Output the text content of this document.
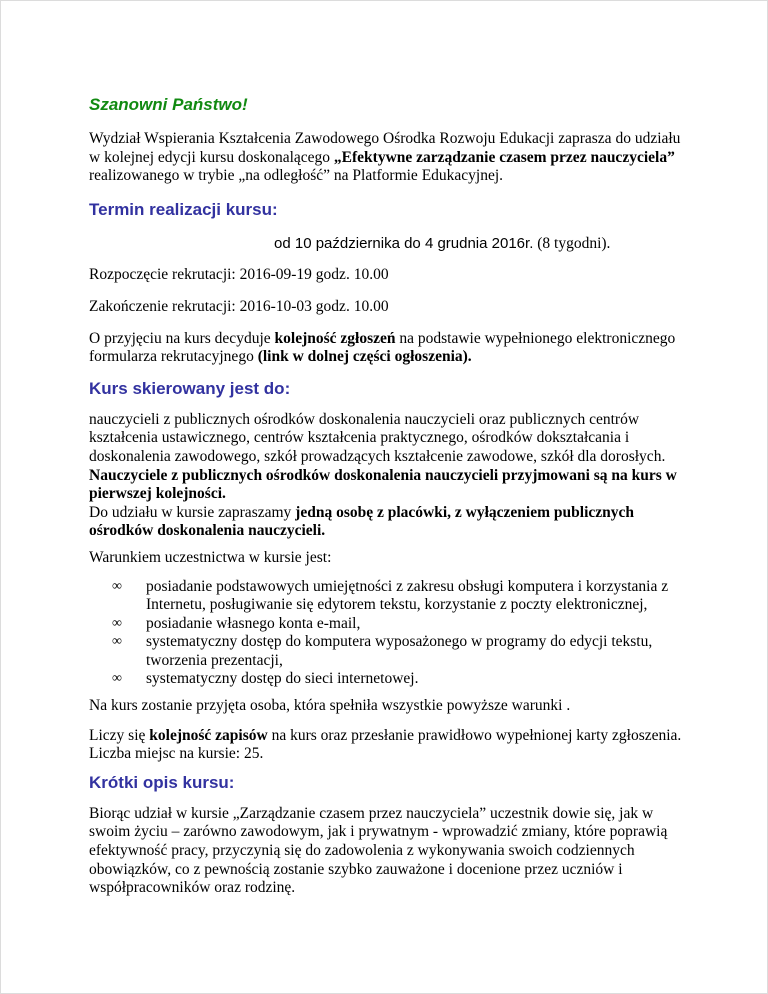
Szanowni Państwo!

Wydział Wspierania Kształcenia Zawodowego Ośrodka Rozwoju Edukacji zaprasza do udziału w kolejnej edycji kursu doskonalącego „Efektywne zarządzanie czasem przez nauczyciela” realizowanego w trybie „na odległość” na Platformie Edukacyjnej.

Termin realizacji kursu:

od 10 października do 4 grudnia 2016r. (8 tygodni).

Rozpoczęcie rekrutacji: 2016-09-19 godz. 10.00

Zakończenie rekrutacji: 2016-10-03 godz. 10.00

O przyjęciu na kurs decyduje kolejność zgłoszeń na podstawie wypełnionego elektronicznego formularza rekrutacyjnego (link w dolnej części ogłoszenia).

Kurs skierowany jest do:

nauczycieli z publicznych ośrodków doskonalenia nauczycieli oraz publicznych centrów kształcenia ustawicznego, centrów kształcenia praktycznego, ośrodków dokształcania i doskonalenia zawodowego, szkół prowadzących kształcenie zawodowe, szkół dla dorosłych.

Nauczyciele z publicznych ośrodków doskonalenia nauczycieli przyjmowani są na kurs w pierwszej kolejności.

Do udziału w kursie zapraszamy jedną osobę z placówki, z wyłączeniem publicznych ośrodków doskonalenia nauczycieli.

Warunkiem uczestnictwa w kursie jest:

∞ posiadanie podstawowych umiejętności z zakresu obsługi komputera i korzystania z Internetu, posługiwanie się edytorem tekstu, korzystanie z poczty elektronicznej,
∞ posiadanie własnego konta e-mail,
∞ systematyczny dostęp do komputera wyposażonego w programy do edycji tekstu, tworzenia prezentacji,
∞ systematyczny dostęp do sieci internetowej.

Na kurs zostanie przyjęta osoba, która spełniła wszystkie powyższe warunki .

Liczy się kolejność zapisów na kurs oraz przesłanie prawidłowo wypełnionej karty zgłoszenia.

Liczba miejsc na kursie: 25.

Krótki opis kursu:

Biorąc udział w kursie „Zarządzanie czasem przez nauczyciela” uczestnik dowie się, jak w swoim życiu – zarówno zawodowym, jak i prywatnym - wprowadzić zmiany, które poprawią efektywność pracy, przyczynią się do zadowolenia z wykonywania swoich codziennych obowiązków, co z pewnością zostanie szybko zauważone i docenione przez uczniów i współpracowników oraz rodzinę.
